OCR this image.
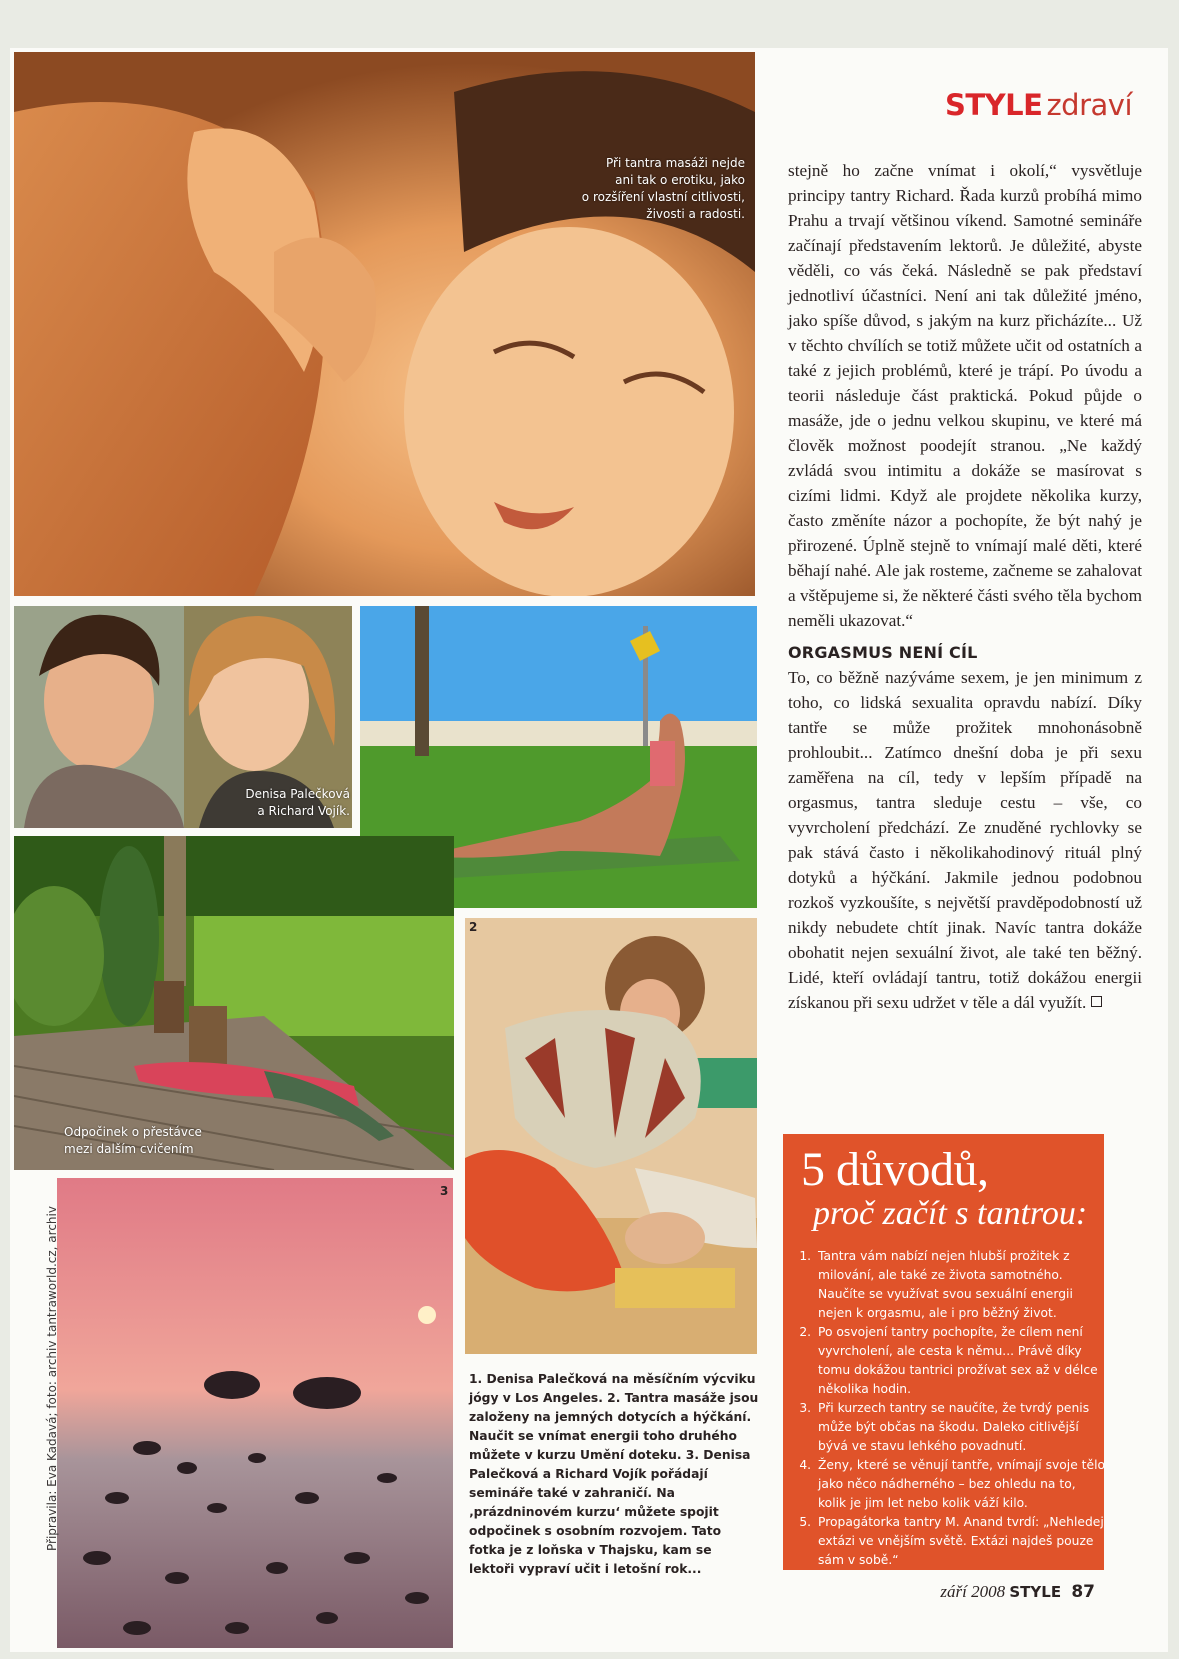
Při tantra masáži nejde
ani tak o erotiku, jako
o rozšíření vlastní citlivosti,
živosti a radosti.
Denisa Palečková
a Richard Vojík.
Odpočinek o přestávce
mezi dalším cvičením
2
3
Připravila: Eva Kadavá; foto: archiv tantraworld.cz, archiv
STYLE zdraví

stejně ho začne vnímat i okolí,“ vysvětluje principy tantry Richard. Řada kurzů probíhá mimo Prahu a trvají většinou víkend. Samotné semináře začínají představením lektorů. Je důležité, abyste věděli, co vás čeká. Následně se pak představí jednotliví účastníci. Není ani tak důležité jméno, jako spíše důvod, s jakým na kurz přicházíte... Už v těchto chvílích se totiž můžete učit od ostatních a také z jejich problémů, které je trápí. Po úvodu a teorii následuje část praktická. Pokud půjde o masáže, jde o jednu velkou skupinu, ve které má člověk možnost poodejít stranou. „Ne každý zvládá svou intimitu a dokáže se masírovat s cizími lidmi. Když ale projdete několika kurzy, často změníte názor a pochopíte, že být nahý je přirozené. Úplně stejně to vnímají malé děti, které běhají nahé. Ale jak rosteme, začneme se zahalovat a vštěpujeme si, že některé části svého těla bychom neměli ukazovat.“

ORGASMUS NENÍ CÍL

To, co běžně nazýváme sexem, je jen minimum z toho, co lidská sexualita opravdu nabízí. Díky tantře se může prožitek mnohonásobně prohloubit... Zatímco dnešní doba je při sexu zaměřena na cíl, tedy v lepším případě na orgasmus, tantra sleduje cestu – vše, co vyvrcholení předchází. Ze znuděné rychlovky se pak stává často i několikahodinový rituál plný dotyků a hýčkání. Jakmile jednou podobnou rozkoš vyzkoušíte, s největší pravděpodobností už nikdy nebudete chtít jinak. Navíc tantra dokáže obohatit nejen sexuální život, ale také ten běžný. Lidé, kteří ovládají tantru, totiž dokážou energii získanou při sexu udržet v těle a dál využít.

5 důvodů,
proč začít s tantrou:
1. Tantra vám nabízí nejen hlubší prožitek z milování, ale také ze života samotného. Naučíte se využívat svou sexuální energii nejen k orgasmu, ale i pro běžný život.
2. Po osvojení tantry pochopíte, že cílem není vyvrcholení, ale cesta k němu... Právě díky tomu dokážou tantrici prožívat sex až v délce několika hodin.
3. Při kurzech tantry se naučíte, že tvrdý penis může být občas na škodu. Daleko citlivější bývá ve stavu lehkého povadnutí.
4. Ženy, které se věnují tantře, vnímají svoje tělo jako něco nádherného – bez ohledu na to, kolik je jim let nebo kolik váží kilo.
5. Propagátorka tantry M. Anand tvrdí: „Nehledej extázi ve vnějším světě. Extázi najdeš pouze sám v sobě.“
1. Denisa Palečková na měsíčním výcviku jógy v Los Angeles. 2. Tantra masáže jsou založeny na jemných dotycích a hýčkání. Naučit se vnímat energii toho druhého můžete v kurzu Umění doteku. 3. Denisa Palečková a Richard Vojík pořádají semináře také v zahraničí. Na ‚prázdninovém kurzu‘ můžete spojit odpočinek s osobním rozvojem. Tato fotka je z loňska v Thajsku, kam se lektoři vypraví učit i letošní rok...
září 2008 STYLE 87
